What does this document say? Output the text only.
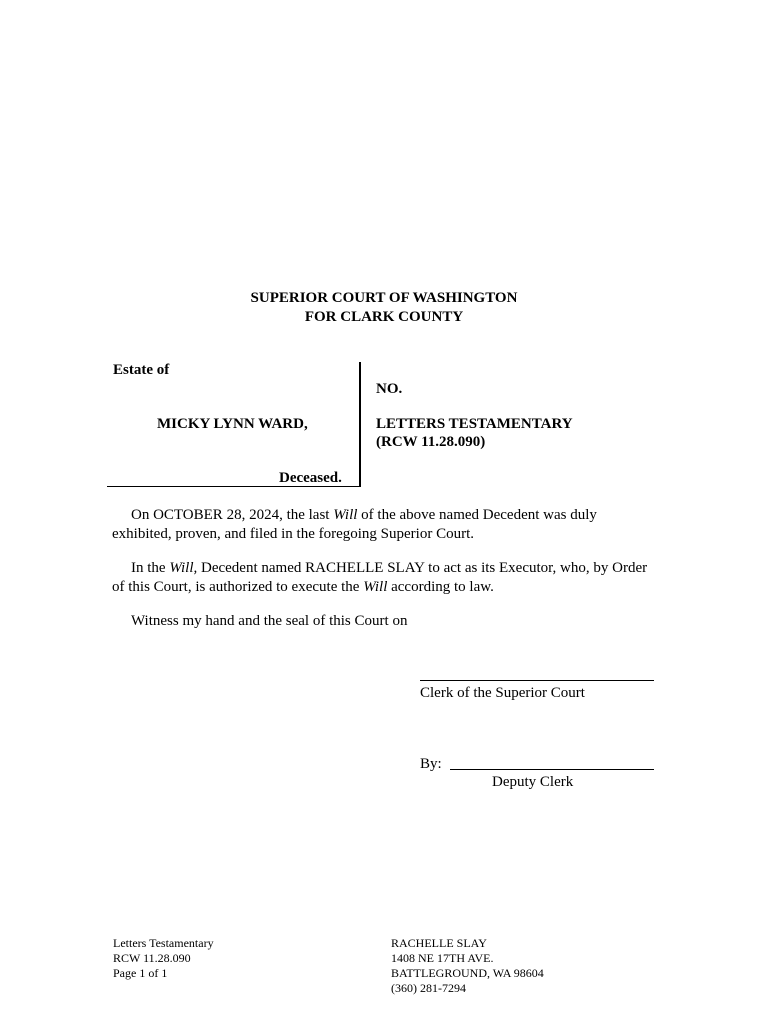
SUPERIOR COURT OF WASHINGTON
FOR CLARK COUNTY
Estate of
MICKY LYNN WARD,
Deceased.
NO.
LETTERS TESTAMENTARY
(RCW 11.28.090)
On OCTOBER 28, 2024, the last Will of the above named Decedent was duly exhibited, proven, and filed in the foregoing Superior Court.
In the Will, Decedent named RACHELLE SLAY to act as its Executor, who, by Order of this Court, is authorized to execute the Will according to law.
Witness my hand and the seal of this Court on
Clerk of the Superior Court
By:
Deputy Clerk
Letters Testamentary
RCW 11.28.090
Page 1 of 1
RACHELLE SLAY
1408 NE 17TH AVE.
BATTLEGROUND, WA 98604
(360) 281-7294
